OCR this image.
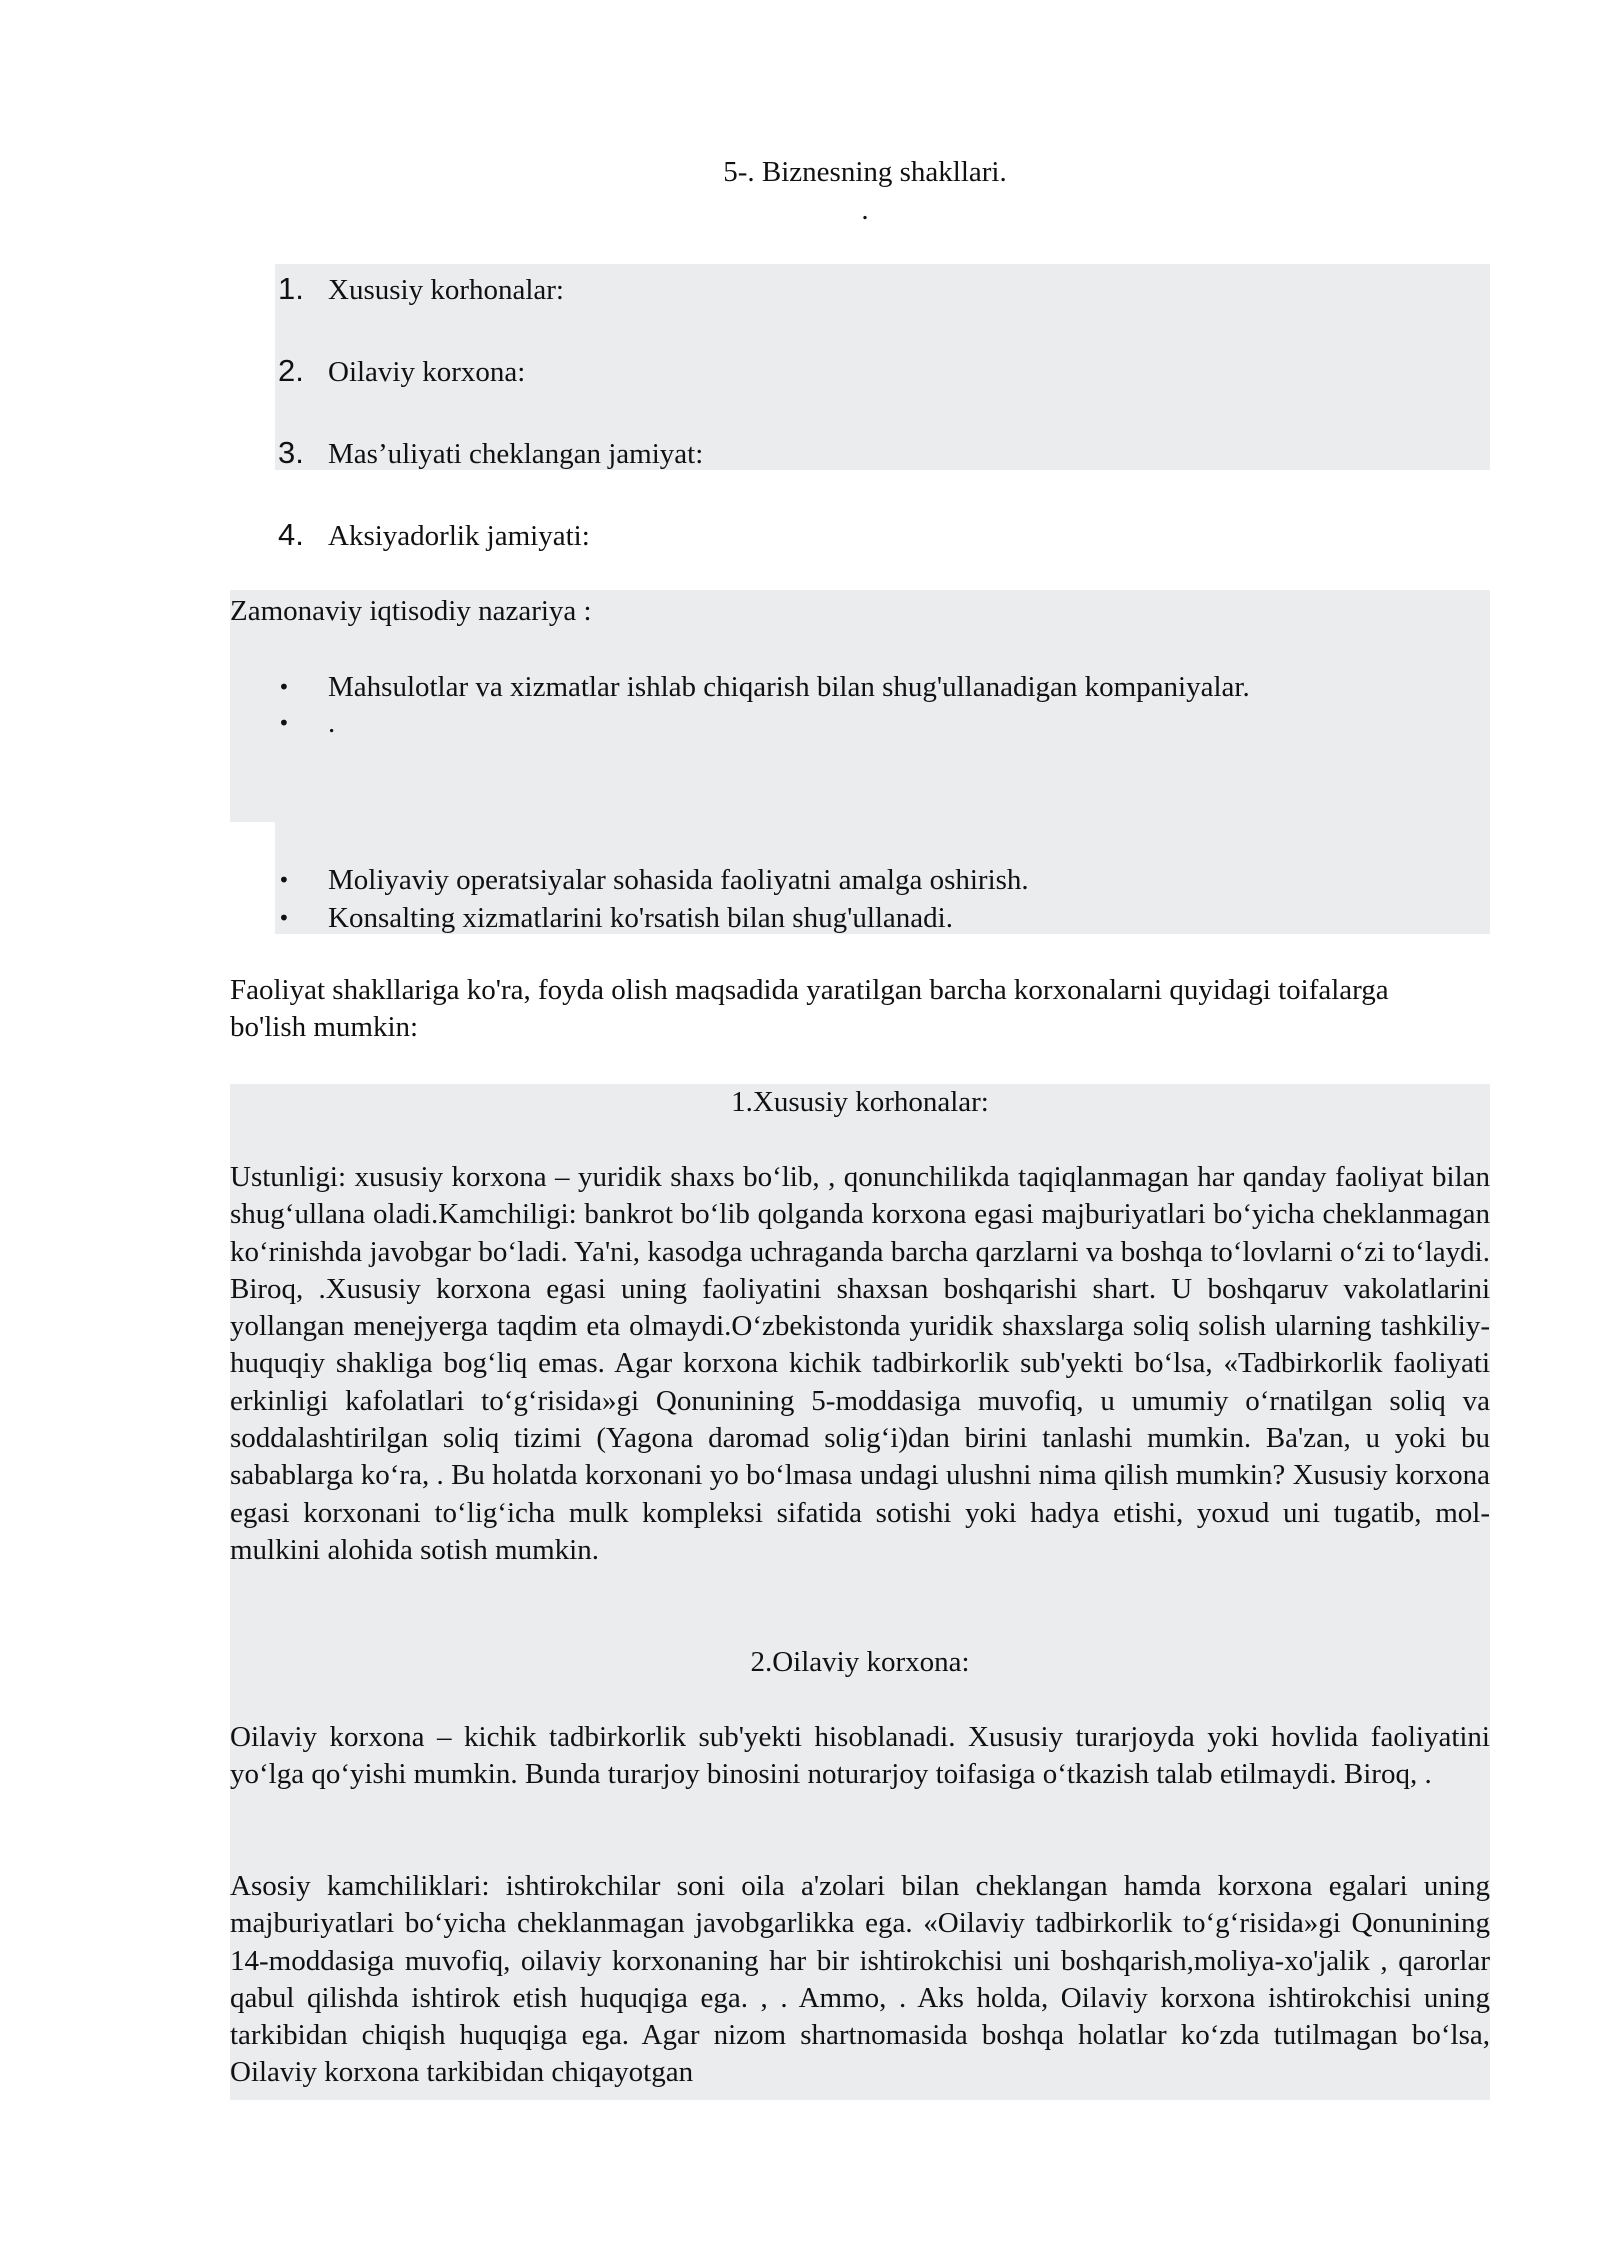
5-. Biznesning shakllari.
.
1. Xususiy korhonalar:
2. Oilaviy korxona:
3. Mas’uliyati cheklangan jamiyat:
4. Aksiyadorlik jamiyati:
Zamonaviy iqtisodiy nazariya :
• Mahsulotlar va xizmatlar ishlab chiqarish bilan shug'ullanadigan kompaniyalar.
• .
• Moliyaviy operatsiyalar sohasida faoliyatni amalga oshirish.
• Konsalting xizmatlarini ko'rsatish bilan shug'ullanadi.
Faoliyat shakllariga ko'ra, foyda olish maqsadida yaratilgan barcha korxonalarni quyidagi toifalarga bo'lish mumkin:
1.Xususiy korhonalar:
Ustunligi: xususiy korxona – yuridik shaxs bo‘lib, , qonunchilikda taqiqlanmagan har qanday faoliyat bilan shug‘ullana oladi.Kamchiligi: bankrot bo‘lib qolganda korxona egasi majburiyatlari bo‘yicha cheklanmagan ko‘rinishda javobgar bo‘ladi. Ya'ni, kasodga uchraganda barcha qarzlarni va boshqa to‘lovlarni o‘zi to‘laydi. Biroq, .Xususiy korxona egasi uning faoliyatini shaxsan boshqarishi shart. U boshqaruv vakolatlarini yollangan menejyerga taqdim eta olmaydi.O‘zbekistonda yuridik shaxslarga soliq solish ularning tashkiliy-huquqiy shakliga bog‘liq emas. Agar korxona kichik tadbirkorlik sub'yekti bo‘lsa, «Tadbirkorlik faoliyati erkinligi kafolatlari to‘g‘risida»gi Qonunining 5-moddasiga muvofiq, u umumiy o‘rnatilgan soliq va soddalashtirilgan soliq tizimi (Yagona daromad solig‘i)dan birini tanlashi mumkin. Ba'zan, u yoki bu sabablarga ko‘ra, . Bu holatda korxonani yo bo‘lmasa undagi ulushni nima qilish mumkin? Xususiy korxona egasi korxonani to‘lig‘icha mulk kompleksi sifatida sotishi yoki hadya etishi, yoxud uni tugatib, mol-mulkini alohida sotish mumkin.
2.Oilaviy korxona:
Oilaviy korxona – kichik tadbirkorlik sub'yekti hisoblanadi. Xususiy turarjoyda yoki hovlida faoliyatini yo‘lga qo‘yishi mumkin. Bunda turarjoy binosini noturarjoy toifasiga o‘tkazish talab etilmaydi. Biroq, .
Asosiy kamchiliklari: ishtirokchilar soni oila a'zolari bilan cheklangan hamda korxona egalari uning majburiyatlari bo‘yicha cheklanmagan javobgarlikka ega. «Oilaviy tadbirkorlik to‘g‘risida»gi Qonunining 14-moddasiga muvofiq, oilaviy korxonaning har bir ishtirokchisi uni boshqarish,moliya-xo'jalik , qarorlar qabul qilishda ishtirok etish huquqiga ega. , . Ammo, . Aks holda, Oilaviy korxona ishtirokchisi uning tarkibidan chiqish huquqiga ega. Agar nizom shartnomasida boshqa holatlar ko‘zda tutilmagan bo‘lsa, Oilaviy korxona tarkibidan chiqayotgan
